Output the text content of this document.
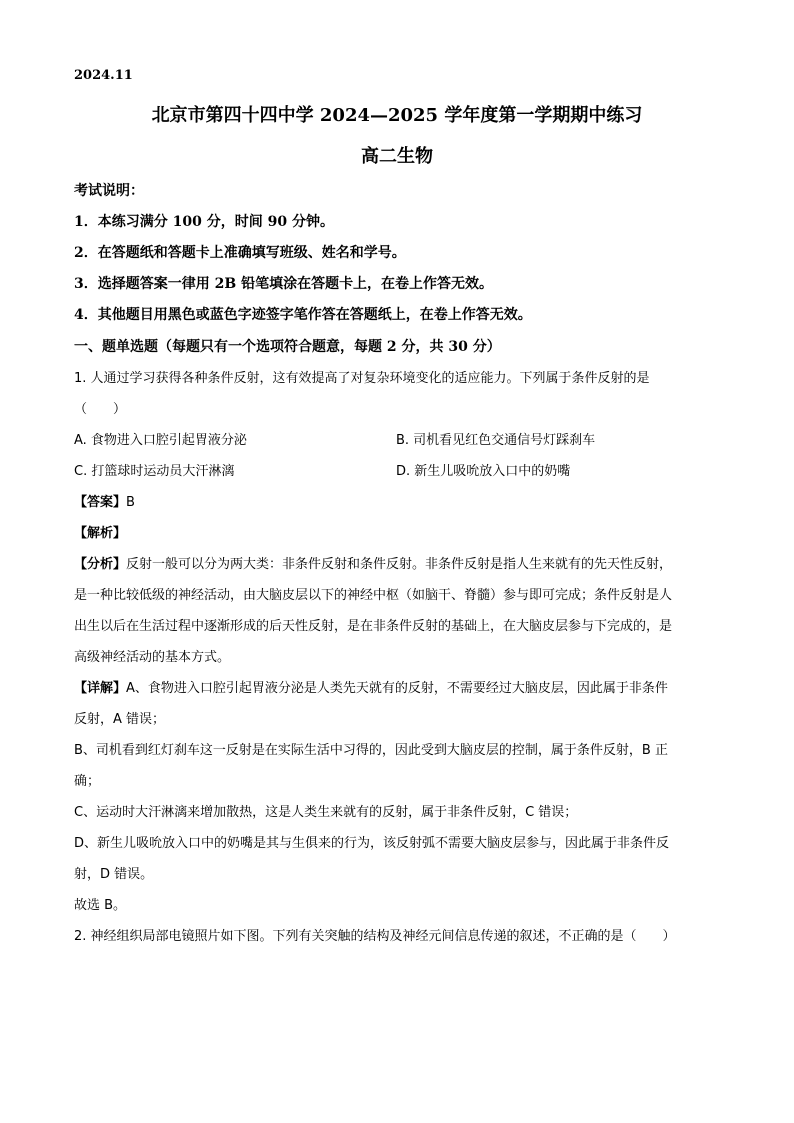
2024.11
北京市第四十四中学 2024—2025 学年度第一学期期中练习
高二生物
考试说明：
1．本练习满分 100 分，时间 90 分钟。
2．在答题纸和答题卡上准确填写班级、姓名和学号。
3．选择题答案一律用 2B 铅笔填涂在答题卡上，在卷上作答无效。
4．其他题目用黑色或蓝色字迹签字笔作答在答题纸上，在卷上作答无效。
一、题单选题（每题只有一个选项符合题意，每题 2 分，共 30 分）
1. 人通过学习获得各种条件反射，这有效提高了对复杂环境变化的适应能力。下列属于条件反射的是
（　　）
A. 食物进入口腔引起胃液分泌	B. 司机看见红色交通信号灯踩刹车
C. 打篮球时运动员大汗淋漓	D. 新生儿吸吮放入口中的奶嘴
【答案】B
【解析】
【分析】反射一般可以分为两大类：非条件反射和条件反射。非条件反射是指人生来就有的先天性反射，
是一种比较低级的神经活动，由大脑皮层以下的神经中枢（如脑干、脊髓）参与即可完成；条件反射是人
出生以后在生活过程中逐渐形成的后天性反射，是在非条件反射的基础上，在大脑皮层参与下完成的，是
高级神经活动的基本方式。
【详解】A、食物进入口腔引起胃液分泌是人类先天就有的反射，不需要经过大脑皮层，因此属于非条件
反射，A 错误；
B、司机看到红灯刹车这一反射是在实际生活中习得的，因此受到大脑皮层的控制，属于条件反射，B 正
确；
C、运动时大汗淋漓来增加散热，这是人类生来就有的反射，属于非条件反射，C 错误；
D、新生儿吸吮放入口中的奶嘴是其与生俱来的行为，该反射弧不需要大脑皮层参与，因此属于非条件反
射，D 错误。
故选 B。
2. 神经组织局部电镜照片如下图。下列有关突触的结构及神经元间信息传递的叙述，不正确的是（　　）
